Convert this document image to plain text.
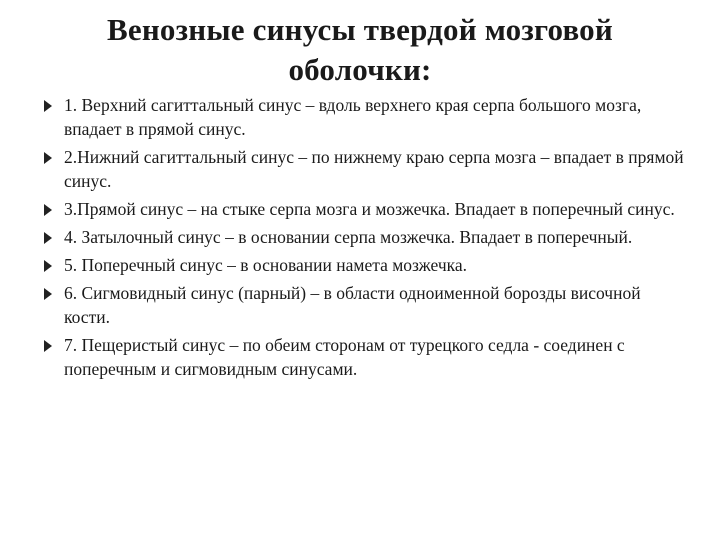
Венозные синусы твердой мозговой оболочки:
1. Верхний сагиттальный синус – вдоль верхнего края серпа большого мозга, впадает в прямой синус.
2.Нижний сагиттальный синус – по нижнему краю серпа мозга – впадает в прямой синус.
3.Прямой синус – на стыке серпа мозга и мозжечка. Впадает в поперечный синус.
4. Затылочный синус – в основании серпа мозжечка. Впадает в поперечный.
5. Поперечный синус – в основании намета мозжечка.
6. Сигмовидный синус (парный) – в области одноименной борозды височной кости.
7. Пещеристый синус – по обеим сторонам от турецкого седла - соединен с поперечным и сигмовидным синусами.
